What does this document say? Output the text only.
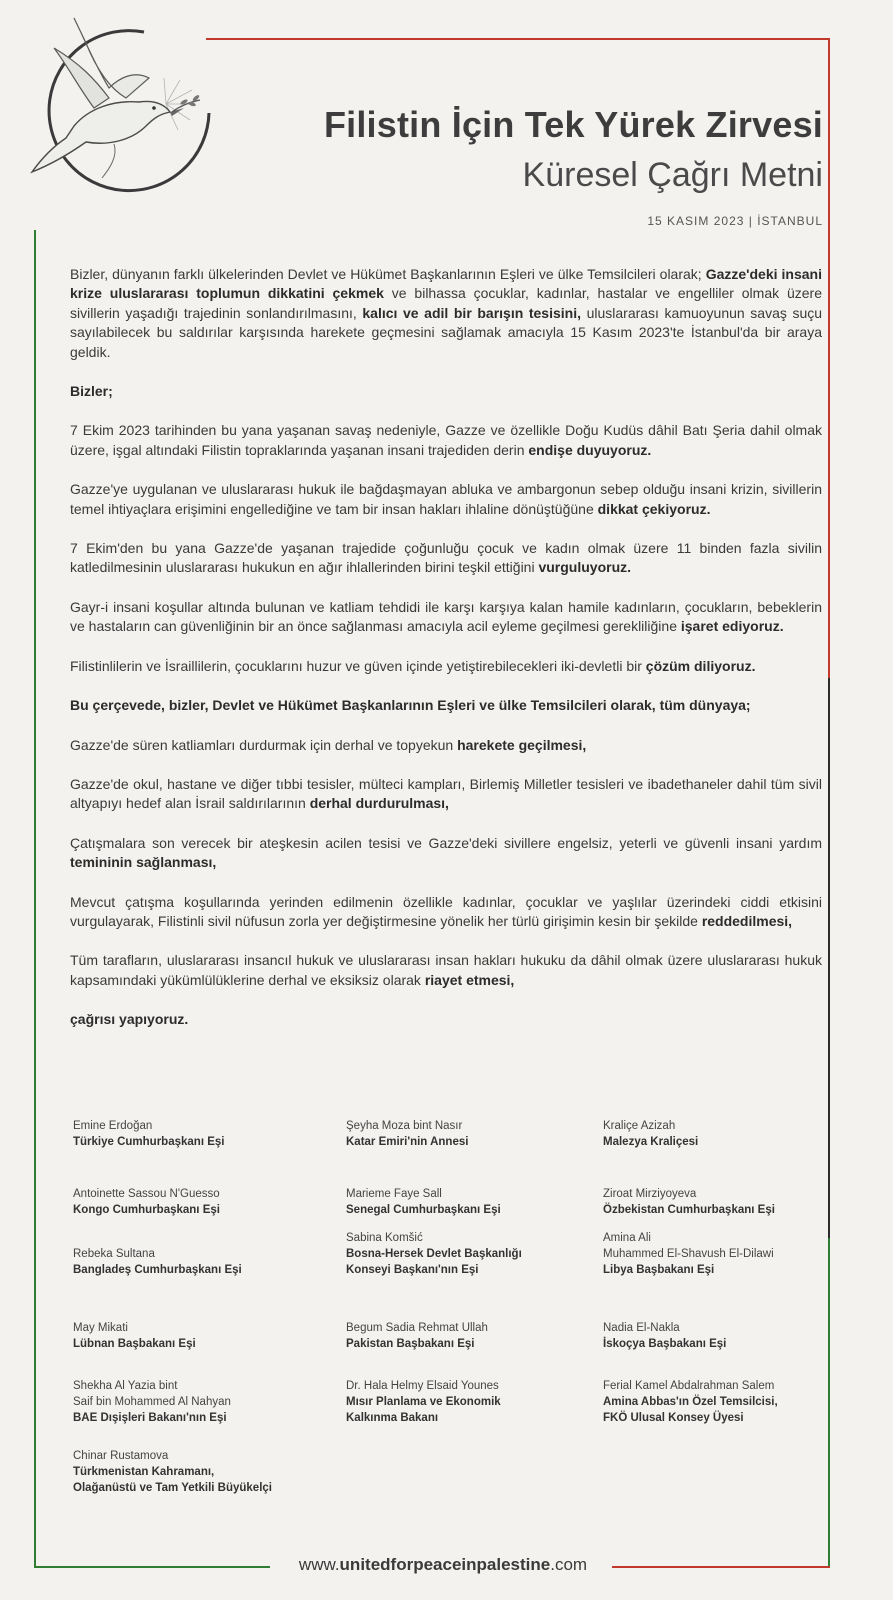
Filistin İçin Tek Yürek Zirvesi
Küresel Çağrı Metni
15 KASIM 2023 | İSTANBUL

Bizler, dünyanın farklı ülkelerinden Devlet ve Hükümet Başkanlarının Eşleri ve ülke Temsilcileri olarak; Gazze'deki insani krize uluslararası toplumun dikkatini çekmek ve bilhassa çocuklar, kadınlar, hastalar ve engelliler olmak üzere sivillerin yaşadığı trajedinin sonlandırılmasını, kalıcı ve adil bir barışın tesisini, uluslararası kamuoyunun savaş suçu sayılabilecek bu saldırılar karşısında harekete geçmesini sağlamak amacıyla 15 Kasım 2023'te İstanbul'da bir araya geldik.

Bizler;

7 Ekim 2023 tarihinden bu yana yaşanan savaş nedeniyle, Gazze ve özellikle Doğu Kudüs dâhil Batı Şeria dahil olmak üzere, işgal altındaki Filistin topraklarında yaşanan insani trajediden derin endişe duyuyoruz.

Gazze'ye uygulanan ve uluslararası hukuk ile bağdaşmayan abluka ve ambargonun sebep olduğu insani krizin, sivillerin temel ihtiyaçlara erişimini engellediğine ve tam bir insan hakları ihlaline dönüştüğüne dikkat çekiyoruz.

7 Ekim'den bu yana Gazze'de yaşanan trajedide çoğunluğu çocuk ve kadın olmak üzere 11 binden fazla sivilin katledilmesinin uluslararası hukukun en ağır ihlallerinden birini teşkil ettiğini vurguluyoruz.

Gayr-i insani koşullar altında bulunan ve katliam tehdidi ile karşı karşıya kalan hamile kadınların, çocukların, bebeklerin ve hastaların can güvenliğinin bir an önce sağlanması amacıyla acil eyleme geçilmesi gerekliliğine işaret ediyoruz.

Filistinlilerin ve İsraillilerin, çocuklarını huzur ve güven içinde yetiştirebilecekleri iki-devletli bir çözüm diliyoruz.

Bu çerçevede, bizler, Devlet ve Hükümet Başkanlarının Eşleri ve ülke Temsilcileri olarak, tüm dünyaya;

Gazze'de süren katliamları durdurmak için derhal ve topyekun harekete geçilmesi,

Gazze'de okul, hastane ve diğer tıbbi tesisler, mülteci kampları, Birlemiş Milletler tesisleri ve ibadethaneler dahil tüm sivil altyapıyı hedef alan İsrail saldırılarının derhal durdurulması,

Çatışmalara son verecek bir ateşkesin acilen tesisi ve Gazze'deki sivillere engelsiz, yeterli ve güvenli insani yardım temininin sağlanması,

Mevcut çatışma koşullarında yerinden edilmenin özellikle kadınlar, çocuklar ve yaşlılar üzerindeki ciddi etkisini vurgulayarak, Filistinli sivil nüfusun zorla yer değiştirmesine yönelik her türlü girişimin kesin bir şekilde reddedilmesi,

Tüm tarafların, uluslararası insancıl hukuk ve uluslararası insan hakları hukuku da dâhil olmak üzere uluslararası hukuk kapsamındaki yükümlülüklerine derhal ve eksiksiz olarak riayet etmesi,

çağrısı yapıyoruz.

Emine Erdoğan
Türkiye Cumhurbaşkanı Eşi
Şeyha Moza bint Nasır
Katar Emiri'nin Annesi
Kraliçe Azizah
Malezya Kraliçesi
Antoinette Sassou N'Guesso
Kongo Cumhurbaşkanı Eşi
Marieme Faye Sall
Senegal Cumhurbaşkanı Eşi
Ziroat Mirziyoyeva
Özbekistan Cumhurbaşkanı Eşi
Rebeka Sultana
Bangladeş Cumhurbaşkanı Eşi
Sabina Komšić
Bosna-Hersek Devlet Başkanlığı
Konseyi Başkanı'nın Eşi
Amina Ali
Muhammed El-Shavush El-Dilawi
Libya Başbakanı Eşi
May Mikati
Lübnan Başbakanı Eşi
Begum Sadia Rehmat Ullah
Pakistan Başbakanı Eşi
Nadia El-Nakla
İskoçya Başbakanı Eşi
Shekha Al Yazia bint
Saif bin Mohammed Al Nahyan
BAE Dışişleri Bakanı'nın Eşi
Dr. Hala Helmy Elsaid Younes
Mısır Planlama ve Ekonomik
Kalkınma Bakanı
Ferial Kamel Abdalrahman Salem
Amina Abbas'ın Özel Temsilcisi,
FKÖ Ulusal Konsey Üyesi
Chinar Rustamova
Türkmenistan Kahramanı,
Olağanüstü ve Tam Yetkili Büyükelçi
www.unitedforpeaceinpalestine.com
